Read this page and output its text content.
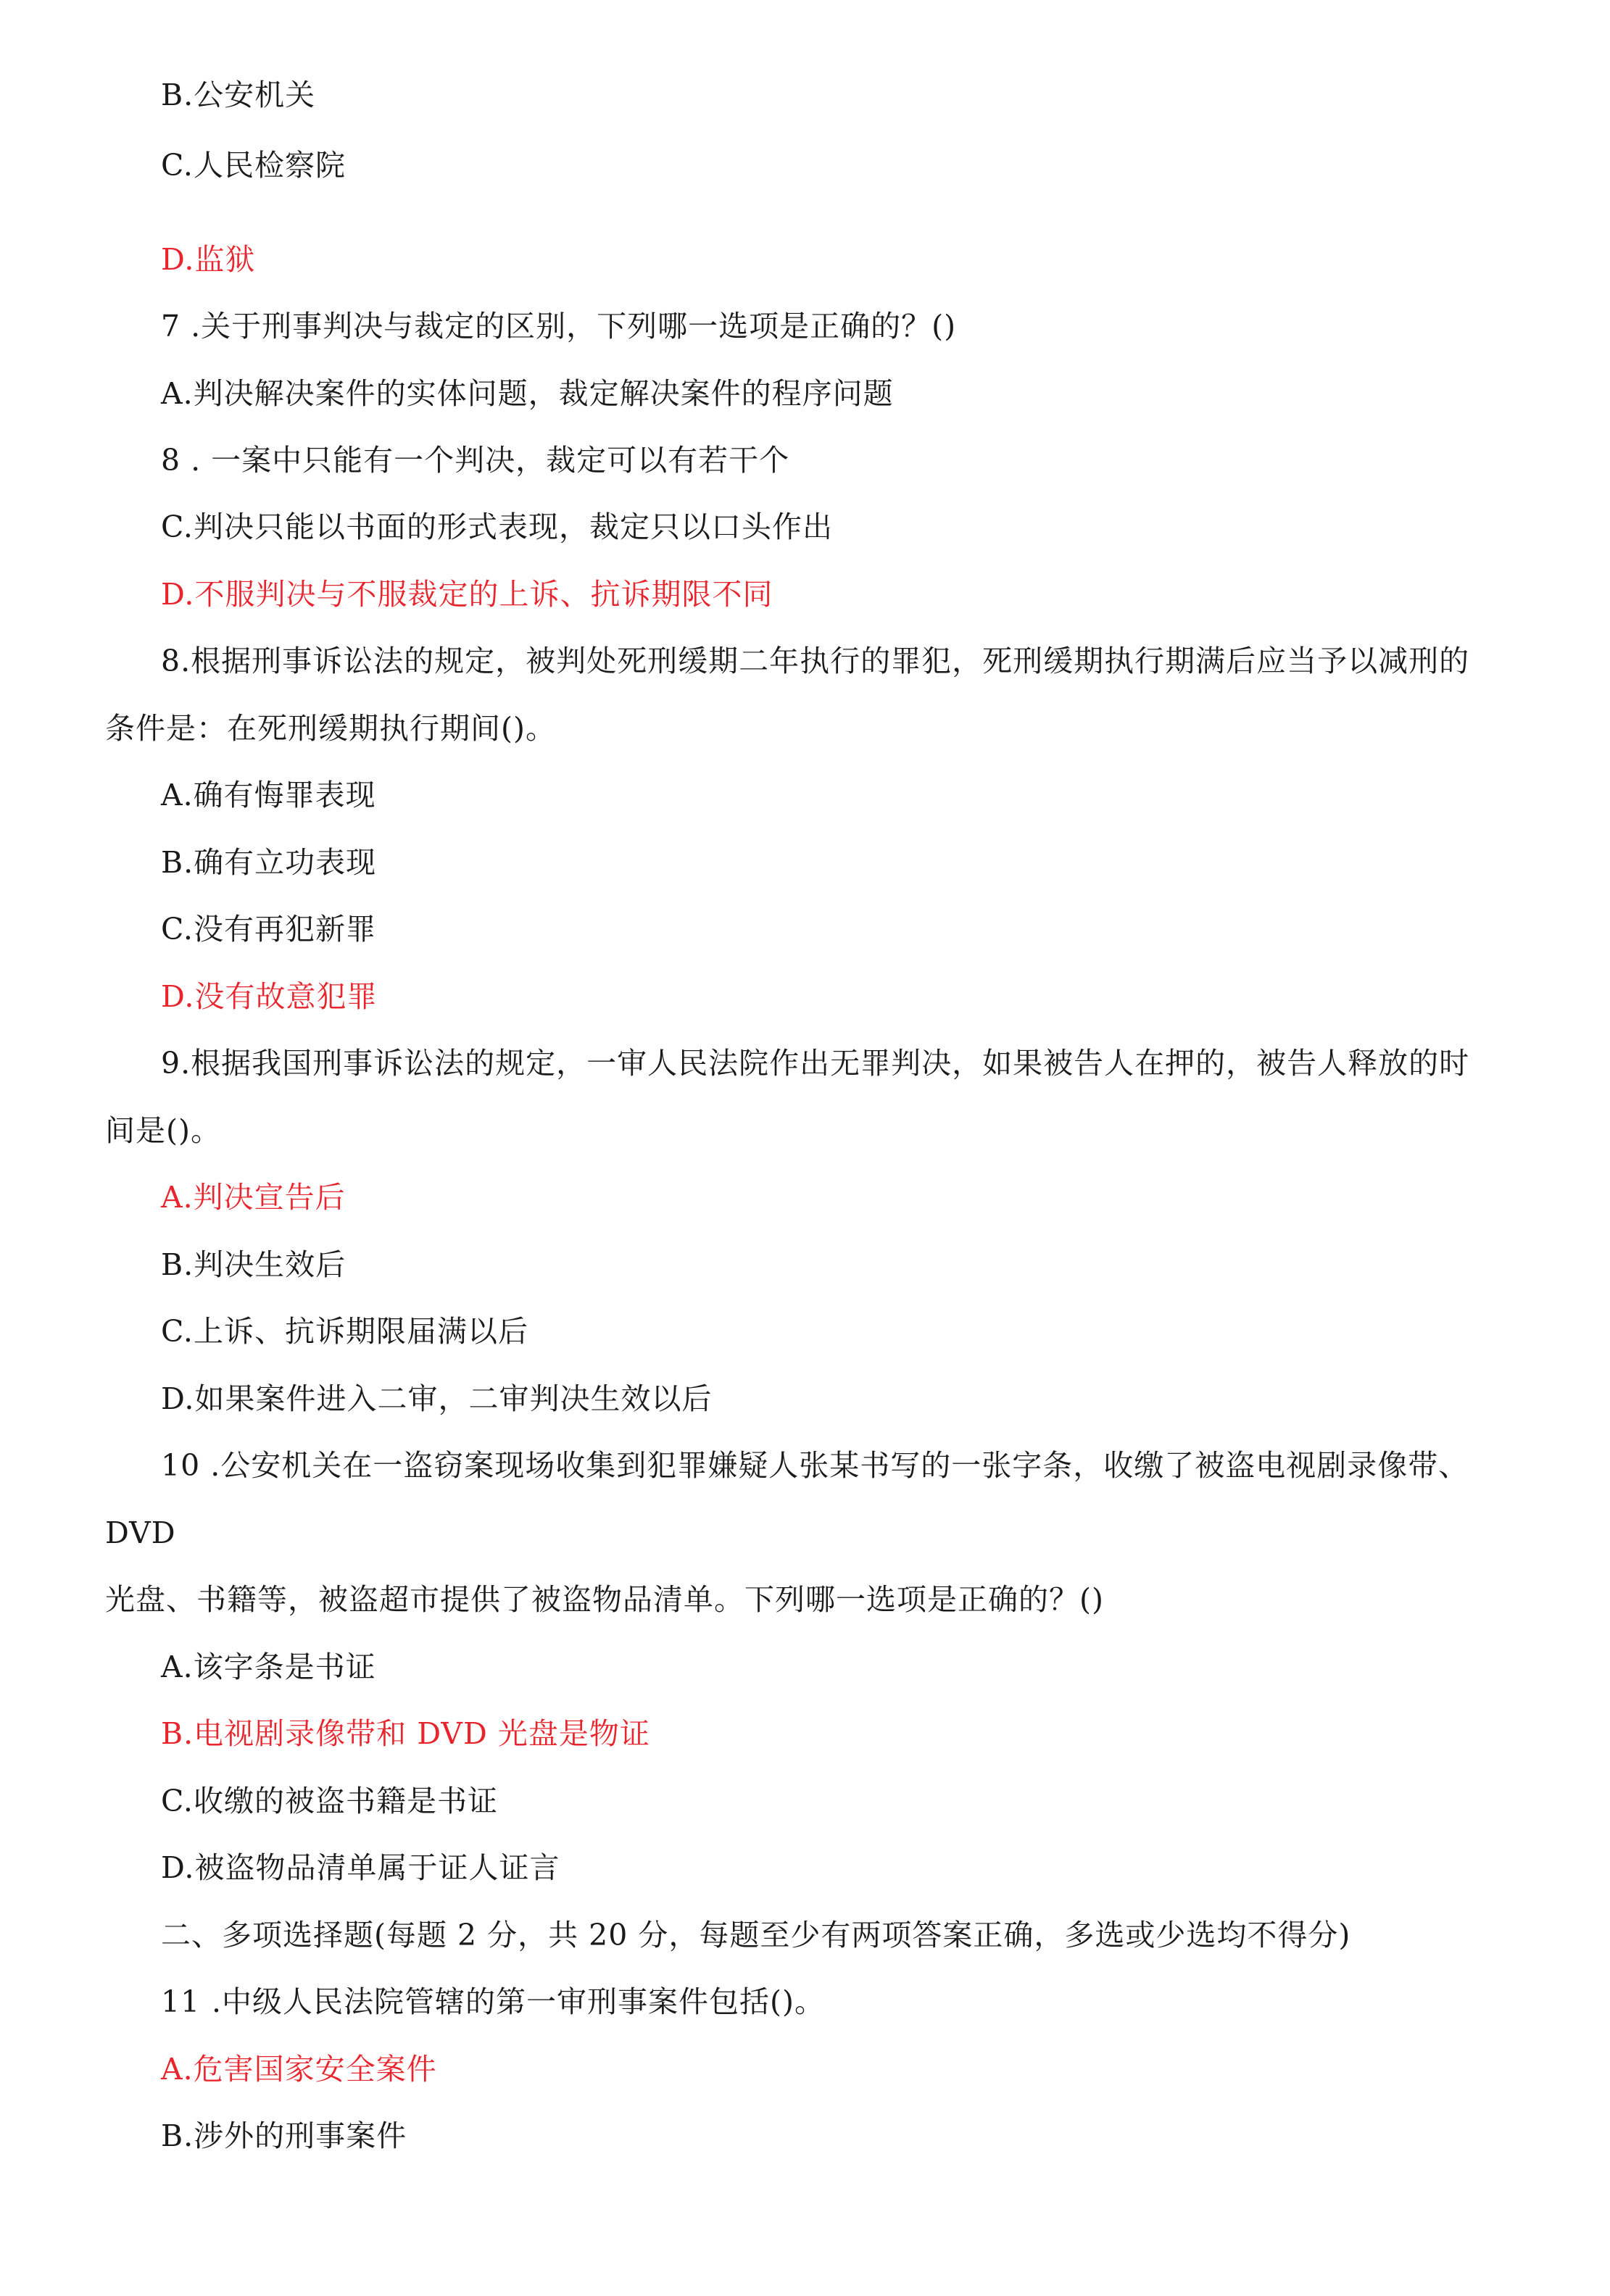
B.公安机关
C.人民检察院
D.监狱
7 .关于刑事判决与裁定的区别，下列哪一选项是正确的？()
A.判决解决案件的实体问题，裁定解决案件的程序问题
8 . 一案中只能有一个判决，裁定可以有若干个
C.判决只能以书面的形式表现，裁定只以口头作出
D.不服判决与不服裁定的上诉、抗诉期限不同
8.根据刑事诉讼法的规定，被判处死刑缓期二年执行的罪犯，死刑缓期执行期满后应当予以减刑的
条件是：在死刑缓期执行期间()。
A.确有悔罪表现
B.确有立功表现
C.没有再犯新罪
D.没有故意犯罪
9.根据我国刑事诉讼法的规定，一审人民法院作出无罪判决，如果被告人在押的，被告人释放的时
间是()。
A.判决宣告后
B.判决生效后
C.上诉、抗诉期限届满以后
D.如果案件进入二审，二审判决生效以后
10 .公安机关在一盗窃案现场收集到犯罪嫌疑人张某书写的一张字条，收缴了被盗电视剧录像带、
DVD
光盘、书籍等，被盗超市提供了被盗物品清单。下列哪一选项是正确的？()
A.该字条是书证
B.电视剧录像带和 DVD 光盘是物证
C.收缴的被盗书籍是书证
D.被盗物品清单属于证人证言
二、多项选择题(每题 2 分，共 20 分，每题至少有两项答案正确，多选或少选均不得分)
11 .中级人民法院管辖的第一审刑事案件包括()。
A.危害国家安全案件
B.涉外的刑事案件
